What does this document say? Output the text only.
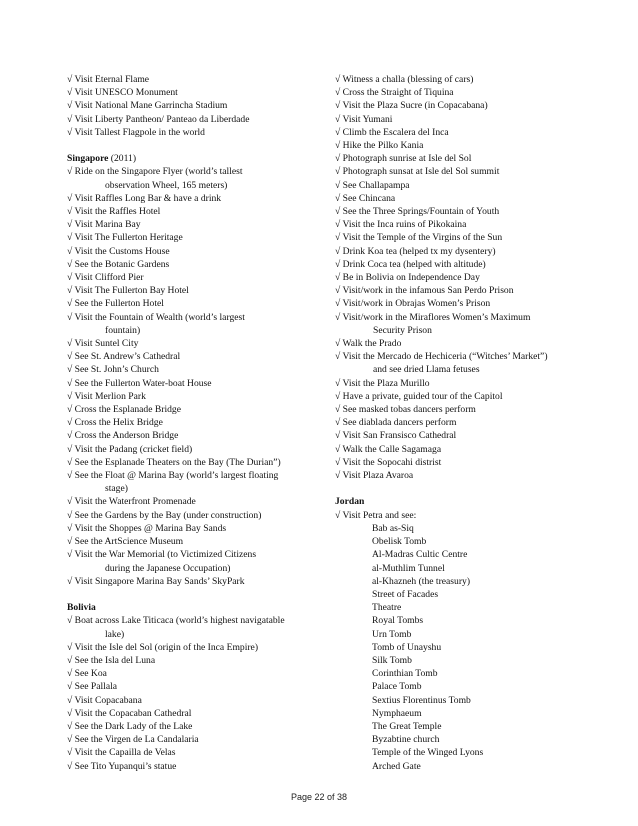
√ Visit Eternal Flame
√ Visit UNESCO Monument
√ Visit National Mane Garrincha Stadium
√ Visit Liberty Pantheon/ Panteao da Liberdade
√ Visit Tallest Flagpole in the world
Singapore (2011)
√ Ride on the Singapore Flyer (world’s tallest
observation Wheel, 165 meters)
√ Visit Raffles Long Bar & have a drink
√ Visit the Raffles Hotel
√ Visit Marina Bay
√ Visit The Fullerton Heritage
√ Visit the Customs House
√ See the Botanic Gardens
√ Visit Clifford Pier
√ Visit The Fullerton Bay Hotel
√ See the Fullerton Hotel
√ Visit the Fountain of Wealth (world’s largest
fountain)
√ Visit Suntel City
√ See St. Andrew’s Cathedral
√ See St. John’s Church
√ See the Fullerton Water-boat House
√ Visit Merlion Park
√ Cross the Esplanade Bridge
√ Cross the Helix Bridge
√ Cross the Anderson Bridge
√ Visit the Padang (cricket field)
√ See the Esplanade Theaters on the Bay (The Durian”)
√ See the Float @ Marina Bay (world’s largest floating
stage)
√ Visit the Waterfront Promenade
√ See the Gardens by the Bay (under construction)
√ Visit the Shoppes @ Marina Bay Sands
√ See the ArtScience Museum
√ Visit the War Memorial (to Victimized Citizens
during the Japanese Occupation)
√ Visit Singapore Marina Bay Sands’ SkyPark
Bolivia
√ Boat across Lake Titicaca (world’s highest navigatable
lake)
√ Visit the Isle del Sol (origin of the Inca Empire)
√ See the Isla del Luna
√ See Koa
√ See Pallala
√ Visit Copacabana
√ Visit the Copacaban Cathedral
√ See the Dark Lady of the Lake
√ See the Virgen de La Candalaria
√ Visit the Capailla de Velas
√ See Tito Yupanqui’s statue
√ Witness a challa (blessing of cars)
√ Cross the Straight of Tiquina
√ Visit the Plaza Sucre (in Copacabana)
√ Visit Yumani
√ Climb the Escalera del Inca
√ Hike the Pilko Kania
√ Photograph sunrise at Isle del Sol
√ Photograph sunsat at Isle del Sol summit
√ See Challapampa
√ See Chincana
√ See the Three Springs/Fountain of Youth
√ Visit the Inca ruins of Pikokaina
√ Visit the Temple of the Virgins of the Sun
√ Drink Koa tea (helped tx my dysentery)
√ Drink Coca tea (helped with altitude)
√ Be in Bolivia on Independence Day
√ Visit/work in the infamous San Perdo Prison
√ Visit/work in Obrajas Women’s Prison
√ Visit/work in the Miraflores Women’s Maximum
Security Prison
√ Walk the Prado
√ Visit the Mercado de Hechiceria (“Witches’ Market”)
and see dried Llama fetuses
√ Visit the Plaza Murillo
√ Have a private, guided tour of the Capitol
√ See masked tobas dancers perform
√ See diablada dancers perform
√ Visit San Fransisco Cathedral
√ Walk the Calle Sagamaga
√ Visit the Sopocahi distrist
√ Visit Plaza Avaroa
Jordan
√ Visit Petra and see:
Bab as-Siq
Obelisk Tomb
Al-Madras Cultic Centre
al-Muthlim Tunnel
al-Khazneh (the treasury)
Street of Facades
Theatre
Royal Tombs
Urn Tomb
Tomb of Unayshu
Silk Tomb
Corinthian Tomb
Palace Tomb
Sextius Florentinus Tomb
Nymphaeum
The Great Temple
Byzabtine church
Temple of the Winged Lyons
Arched Gate
Page 22 of 38
